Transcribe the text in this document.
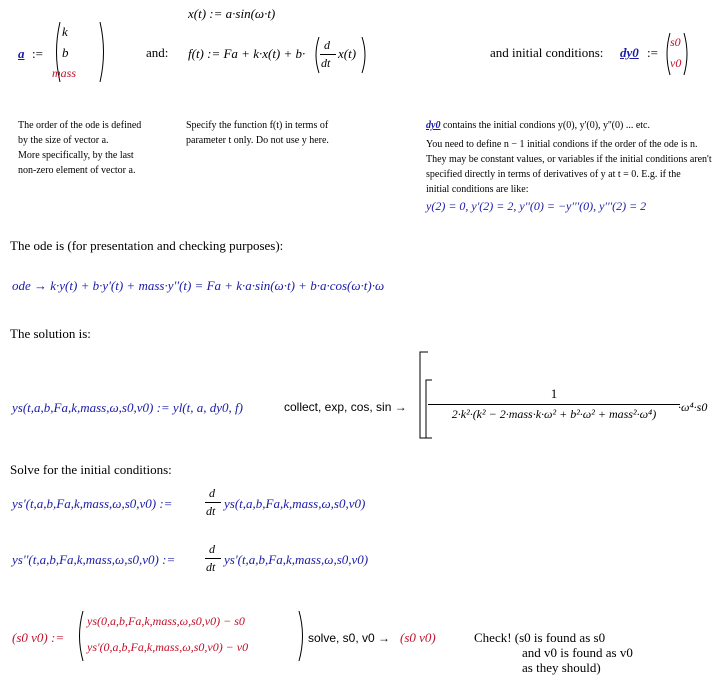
x(t) := a·sin(ω·t)
a :=
k
b
mass
and: f(t) := Fa + k·x(t) + b·
d
dt
x(t)	and initial conditions: dy0 :=
s0
v0
The order of the ode is defined
by the size of vector a.
More specifically, by the last
non-zero element of vector a.
Specify the function f(t) in terms of
parameter t only. Do not use y here.
dy0 contains the initial condions y(0), y'(0), y''(0) ... etc.
You need to define n − 1 initial condions if the order of the ode is n.
They may be constant values, or variables if the initial conditions aren't
specified directly in terms of derivatives of y at t = 0. E.g. if the
initial conditions are like:
y(2) = 0, y'(2) = 2, y''(0) = −y'''(0), y'''(2) = 2
The ode is (for presentation and checking purposes):
ode → k·y(t) + b·y'(t) + mass·y''(t) = Fa + k·a·sin(ω·t) + b·a·cos(ω·t)·ω
The solution is:
ys(t,a,b,Fa,k,mass,ω,s0,v0) := yl(t, a, dy0, f)	collect, exp, cos, sin →
1
2·k²·(k² − 2·mass·k·ω² + b²·ω² + mass²·ω⁴)	·ω⁴·s0
Solve for the initial conditions:
ys'(t,a,b,Fa,k,mass,ω,s0,v0) :=
d
dt ys(t,a,b,Fa,k,mass,ω,s0,v0)
ys''(t,a,b,Fa,k,mass,ω,s0,v0) :=
d
dt ys'(t,a,b,Fa,k,mass,ω,s0,v0)
(s0 v0) :=
ys(0,a,b,Fa,k,mass,ω,s0,v0) − s0
ys'(0,a,b,Fa,k,mass,ω,s0,v0) − v0
solve, s0, v0 → (s0 v0)	Check! (s0 is found as s0
and v0 is found as v0
as they should)
